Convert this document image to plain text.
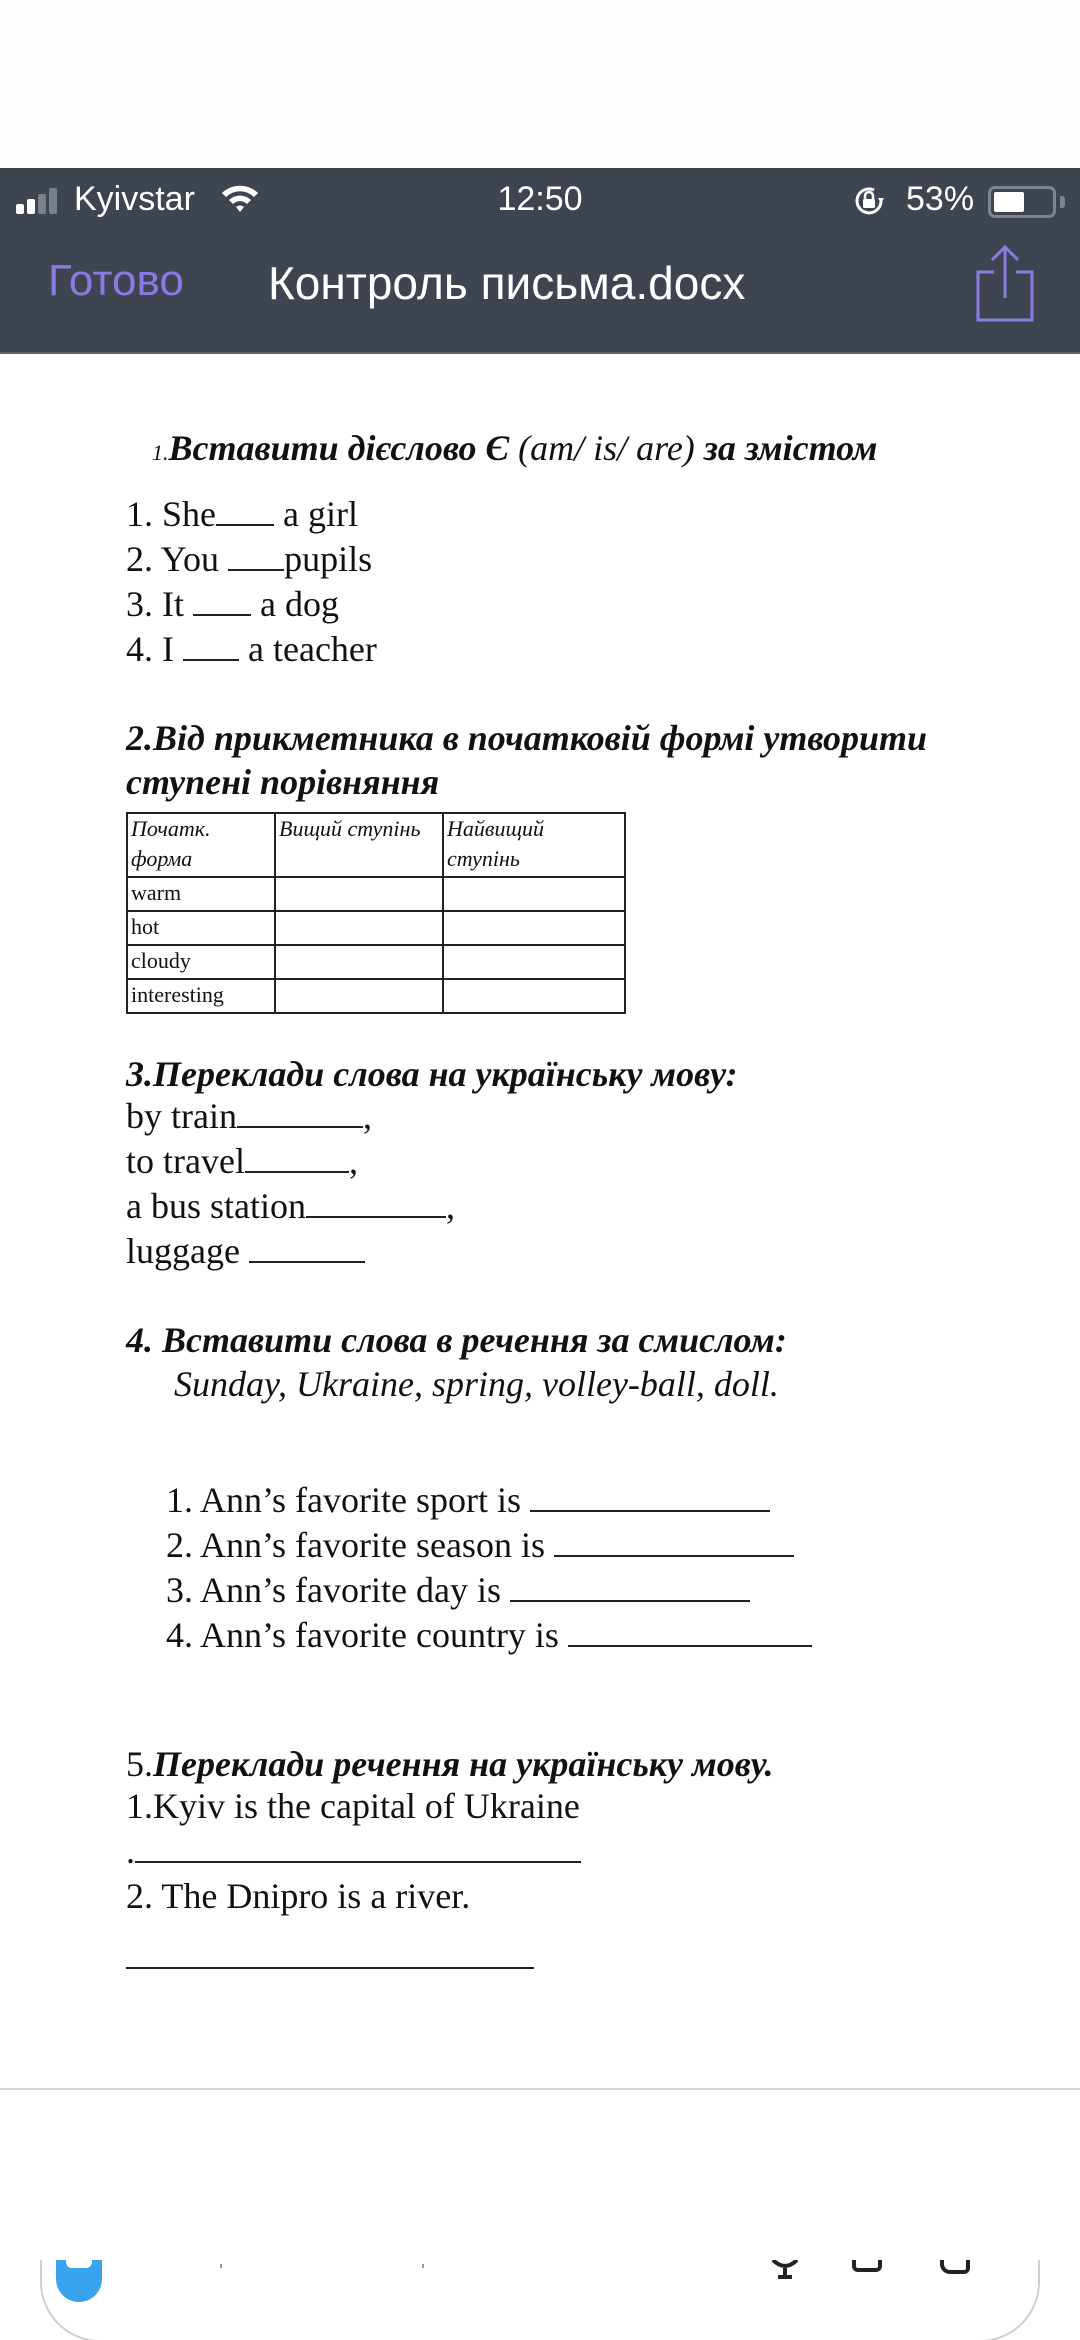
Kyivstar	12:50	53%
Готово Контроль письма.docx
1.Вставити дієслово Є (am/ is/ are) за змістом
1. She a girl
2. You pupils
3. It  a dog
4. I  a teacher
2.Від прикметника в початковій формі утворити ступені порівняння
Початк. форма	Вищий ступінь	Найвищий ступінь
warm		
hot		
cloudy		
interesting		
3.Переклади слова на українську мову:
by train	,
to travel	,
a bus station	,
luggage
4. Вставити слова в речення за смислом:
Sunday, Ukraine, spring, volley-ball, doll.
1. Ann’s favorite sport is
2. Ann’s favorite season is
3. Ann’s favorite day is
4. Ann’s favorite country is
5.Переклади речення на українську мову.
1.Kyiv is the capital of Ukraine
.
2. The Dnipro is a river.
